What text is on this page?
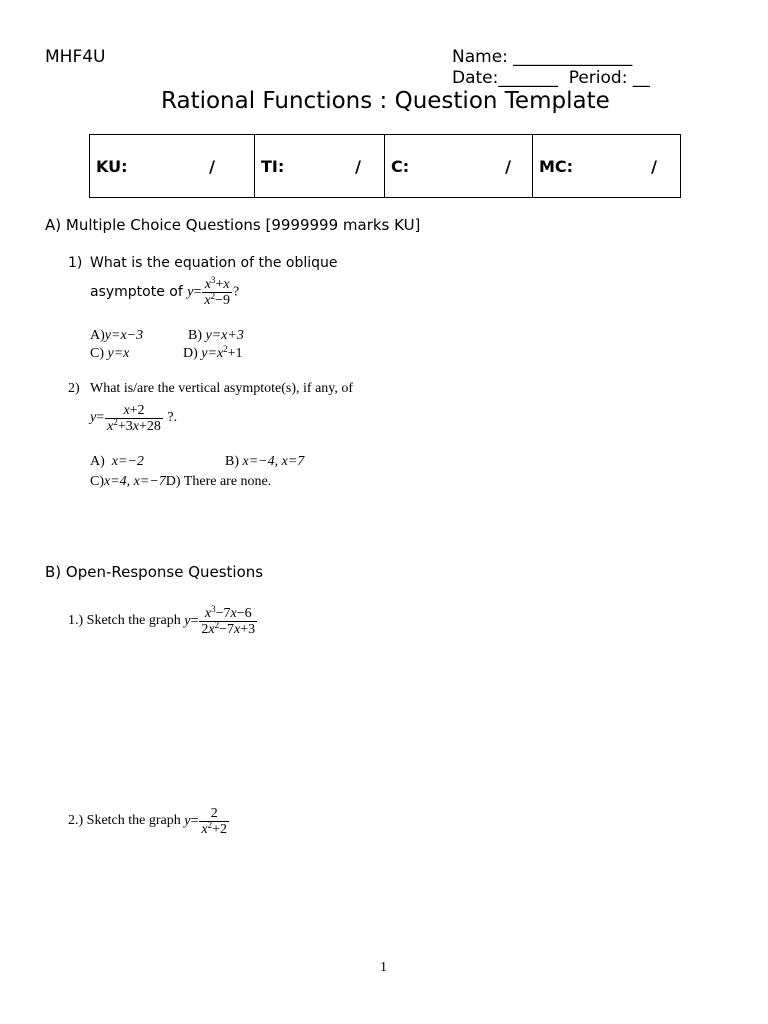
MHF4U	Name: ______________
Date:_______ Period: __
Rational Functions : Question Template
KU:	/	TI:	/	C:	/	MC:	/
A) Multiple Choice Questions [9999999 marks KU]
1) What is the equation of the oblique
asymptote of
$y= \frac{x^3+x}{x^2-9}$ ?
A)y=x−3	B) y=x+3
C) y=x	D) $y=x^2+1$
2) What is/are the vertical asymptote(s), if any, of
$y = \frac{x+2}{x^2+3x+28}$ ?.
A) x=−2	B) x=−4, x=7
C)x=4, x=−7D) There are none.
B) Open-Response Questions
1.)
Sketch the graph
$y= \frac{x^3-7x-6}{2x^2-7x+3}$
2.)
Sketch the graph
$y= \frac{2}{x^2+2}$
1
